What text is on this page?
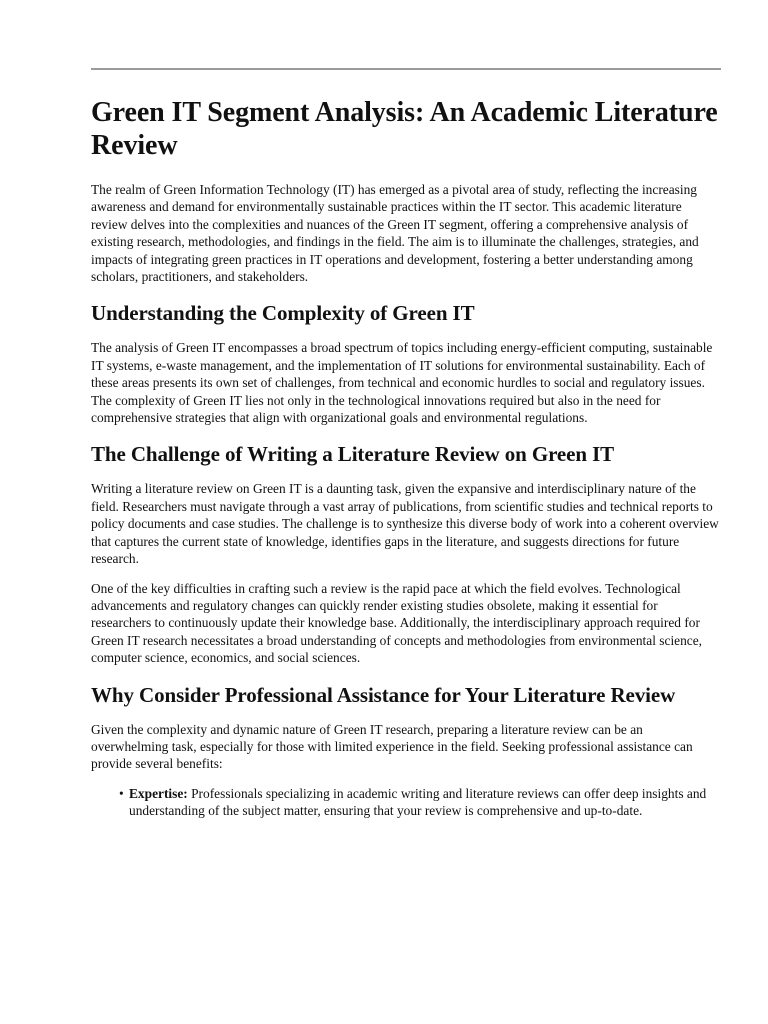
Green IT Segment Analysis: An Academic Literature Review

The realm of Green Information Technology (IT) has emerged as a pivotal area of study, reflecting the increasing awareness and demand for environmentally sustainable practices within the IT sector. This academic literature review delves into the complexities and nuances of the Green IT segment, offering a comprehensive analysis of existing research, methodologies, and findings in the field. The aim is to illuminate the challenges, strategies, and impacts of integrating green practices in IT operations and development, fostering a better understanding among scholars, practitioners, and stakeholders.

Understanding the Complexity of Green IT

The analysis of Green IT encompasses a broad spectrum of topics including energy-efficient computing, sustainable IT systems, e-waste management, and the implementation of IT solutions for environmental sustainability. Each of these areas presents its own set of challenges, from technical and economic hurdles to social and regulatory issues. The complexity of Green IT lies not only in the technological innovations required but also in the need for comprehensive strategies that align with organizational goals and environmental regulations.

The Challenge of Writing a Literature Review on Green IT

Writing a literature review on Green IT is a daunting task, given the expansive and interdisciplinary nature of the field. Researchers must navigate through a vast array of publications, from scientific studies and technical reports to policy documents and case studies. The challenge is to synthesize this diverse body of work into a coherent overview that captures the current state of knowledge, identifies gaps in the literature, and suggests directions for future research.

One of the key difficulties in crafting such a review is the rapid pace at which the field evolves. Technological advancements and regulatory changes can quickly render existing studies obsolete, making it essential for researchers to continuously update their knowledge base. Additionally, the interdisciplinary approach required for Green IT research necessitates a broad understanding of concepts and methodologies from environmental science, computer science, economics, and social sciences.

Why Consider Professional Assistance for Your Literature Review

Given the complexity and dynamic nature of Green IT research, preparing a literature review can be an overwhelming task, especially for those with limited experience in the field. Seeking professional assistance can provide several benefits:

• Expertise: Professionals specializing in academic writing and literature reviews can offer deep insights and understanding of the subject matter, ensuring that your review is comprehensive and up-to-date.
